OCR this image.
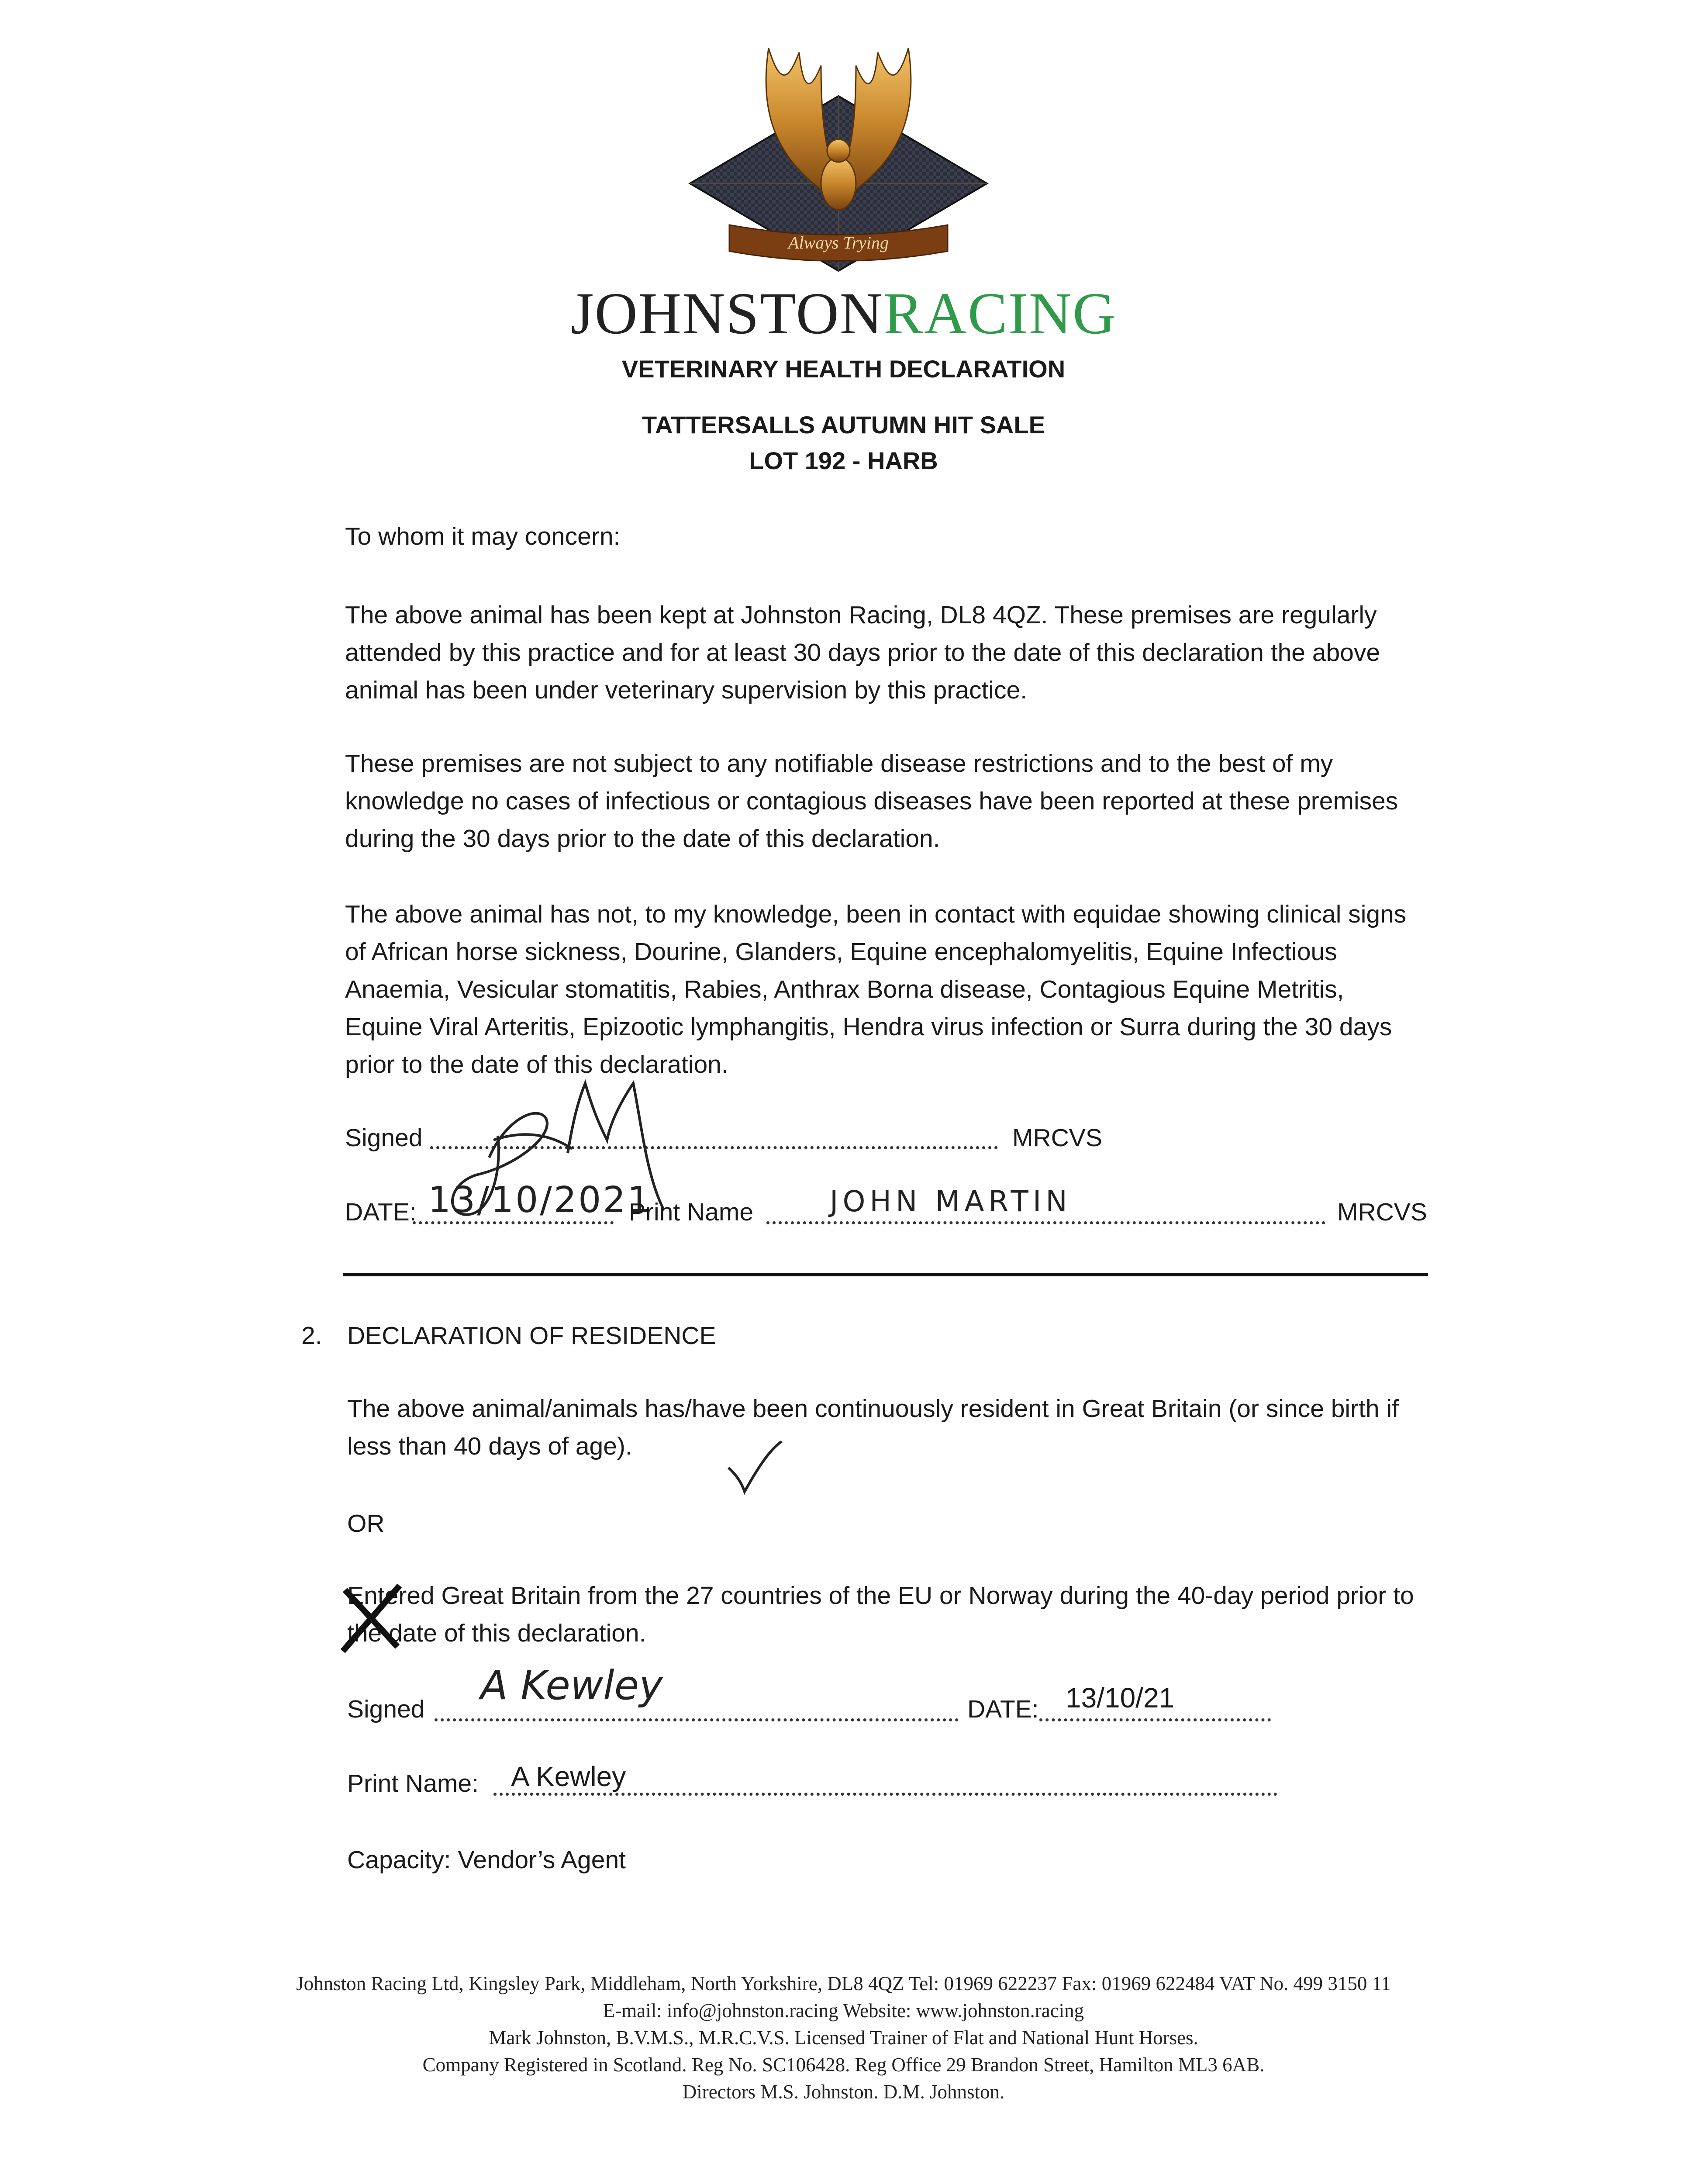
Always Trying
JOHNSTONRACING
VETERINARY HEALTH DECLARATION
TATTERSALLS AUTUMN HIT SALE
LOT 192 - HARB
To whom it may concern:
The above animal has been kept at Johnston Racing, DL8 4QZ. These premises are regularly attended by this practice and for at least 30 days prior to the date of this declaration the above animal has been under veterinary supervision by this practice.
These premises are not subject to any notifiable disease restrictions and to the best of my knowledge no cases of infectious or contagious diseases have been reported at these premises during the 30 days prior to the date of this declaration.
The above animal has not, to my knowledge, been in contact with equidae showing clinical signs of African horse sickness, Dourine, Glanders, Equine encephalomyelitis, Equine Infectious Anaemia, Vesicular stomatitis, Rabies, Anthrax Borna disease, Contagious Equine Metritis, Equine Viral Arteritis, Epizootic lymphangitis, Hendra virus infection or Surra during the 30 days prior to the date of this declaration.
Signed	MRCVS
DATE: 13/10/2021
Print Name	JOHN MARTIN	MRCVS
2. DECLARATION OF RESIDENCE
The above animal/animals has/have been continuously resident in Great Britain (or since birth if less than 40 days of age).
OR
Entered Great Britain from the 27 countries of the EU or Norway during the 40-day period prior to the date of this declaration.
Signed
A Kewley
DATE: 13/10/21
Print Name: A Kewley
Capacity: Vendor’s Agent
Johnston Racing Ltd, Kingsley Park, Middleham, North Yorkshire, DL8 4QZ Tel: 01969 622237 Fax: 01969 622484 VAT No. 499 3150 11
E-mail: info@johnston.racing Website: www.johnston.racing
Mark Johnston, B.V.M.S., M.R.C.V.S. Licensed Trainer of Flat and National Hunt Horses.
Company Registered in Scotland. Reg No. SC106428. Reg Office 29 Brandon Street, Hamilton ML3 6AB.
Directors M.S. Johnston. D.M. Johnston.
